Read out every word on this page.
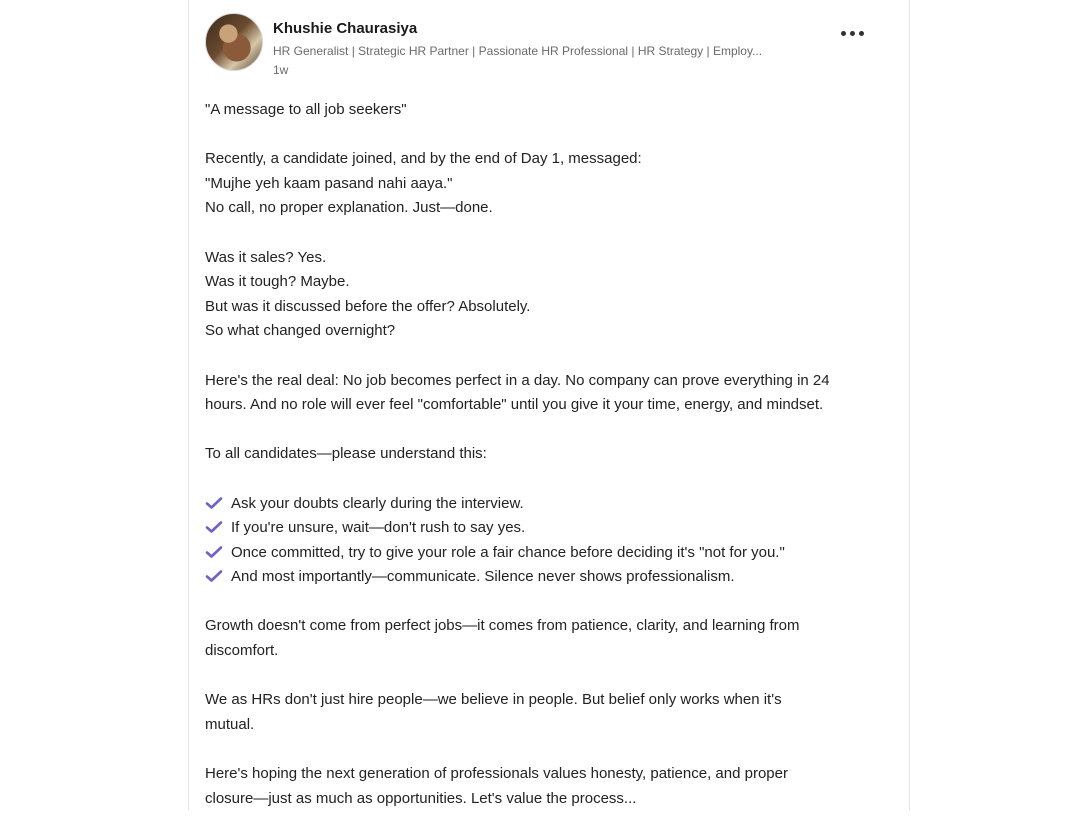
Khushie Chaurasiya
HR Generalist | Strategic HR Partner | Passionate HR Professional | HR Strategy | Employ...
1w
"A message to all job seekers"
Recently, a candidate joined, and by the end of Day 1, messaged:
"Mujhe yeh kaam pasand nahi aaya."
No call, no proper explanation. Just—done.
Was it sales? Yes.
Was it tough? Maybe.
But was it discussed before the offer? Absolutely.
So what changed overnight?
Here's the real deal: No job becomes perfect in a day. No company can prove everything in 24
hours. And no role will ever feel "comfortable" until you give it your time, energy, and mindset.
To all candidates—please understand this:
Ask your doubts clearly during the interview.
If you're unsure, wait—don't rush to say yes.
Once committed, try to give your role a fair chance before deciding it's "not for you."
And most importantly—communicate. Silence never shows professionalism.
Growth doesn't come from perfect jobs—it comes from patience, clarity, and learning from
discomfort.
We as HRs don't just hire people—we believe in people. But belief only works when it's
mutual.
Here's hoping the next generation of professionals values honesty, patience, and proper
closure—just as much as opportunities. Let's value the process...
